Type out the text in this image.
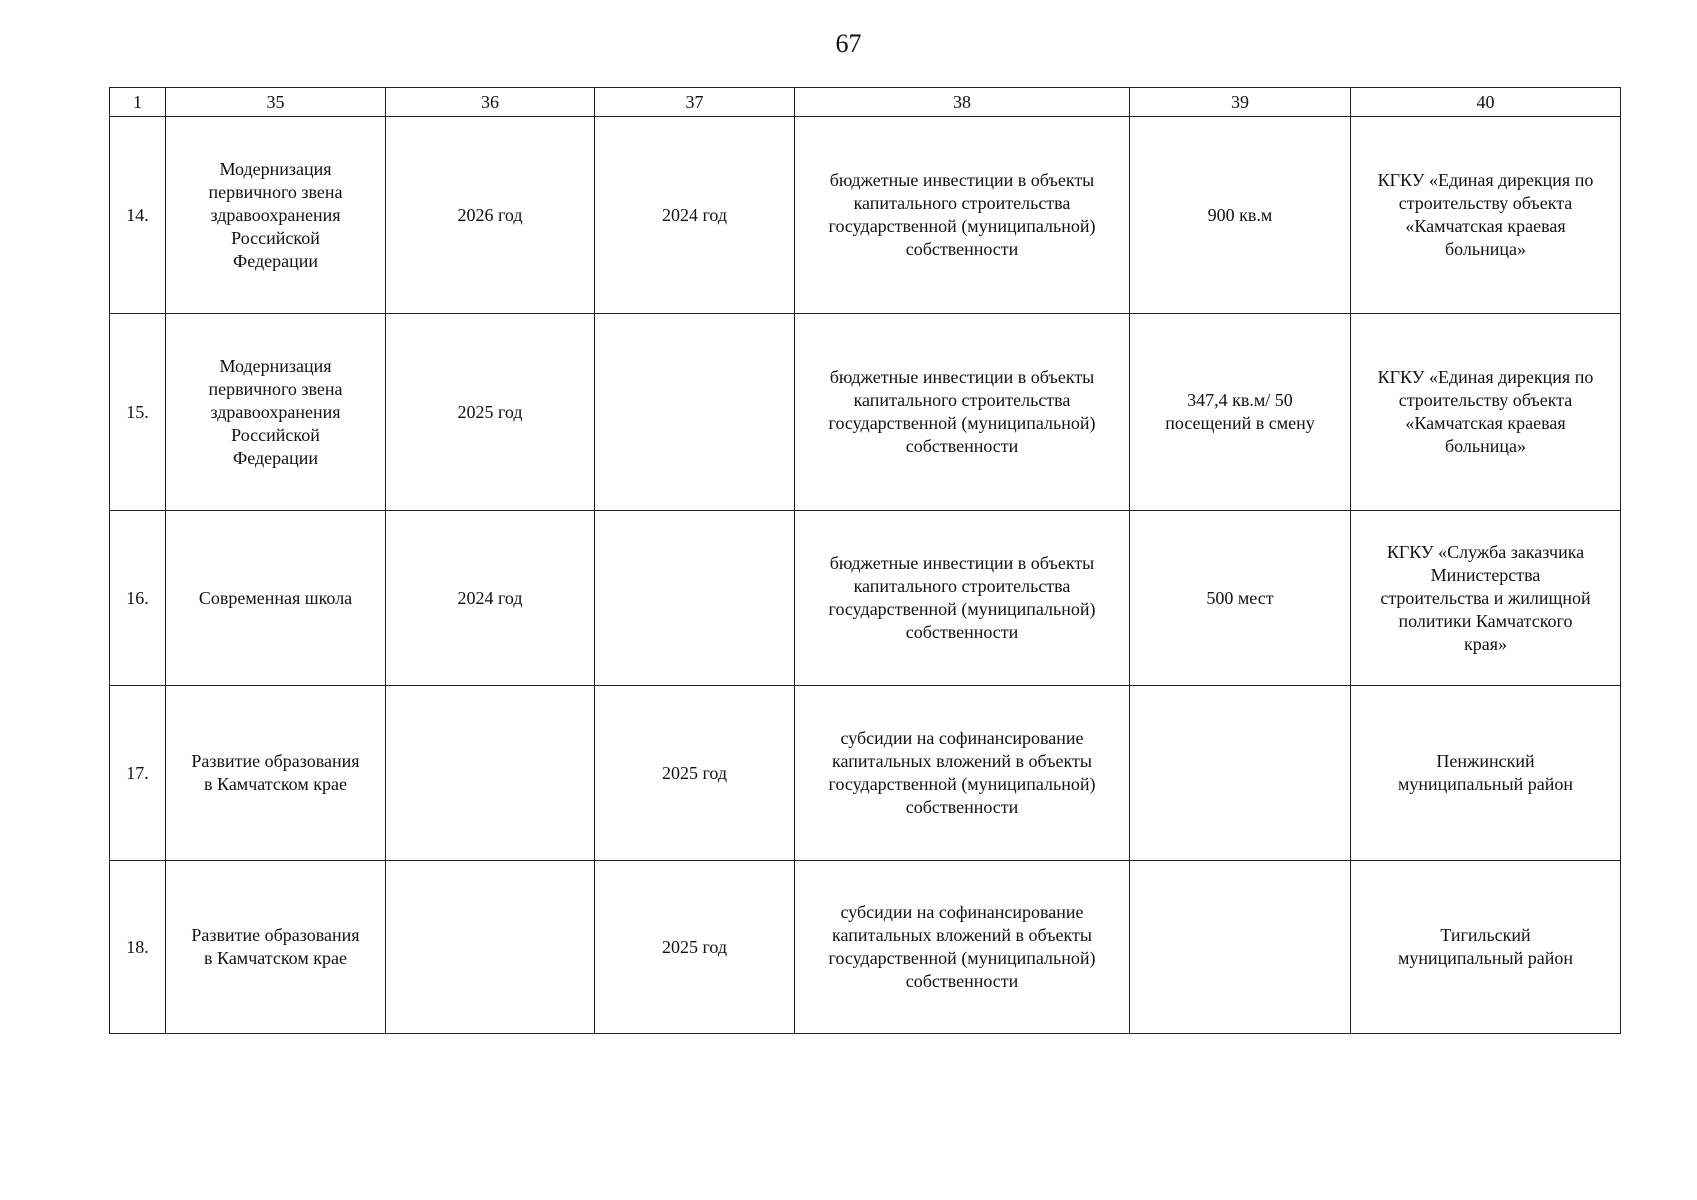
67
1	35	36	37	38	39	40
14.	Модернизация
первичного звена
здравоохранения
Российской
Федерации	2026 год	2024 год	бюджетные инвестиции в объекты
капитального строительства
государственной (муниципальной)
собственности	900 кв.м	КГКУ «Единая дирекция по
строительству объекта
«Камчатская краевая
больница»
15.	Модернизация
первичного звена
здравоохранения
Российской
Федерации	2025 год		бюджетные инвестиции в объекты
капитального строительства
государственной (муниципальной)
собственности	347,4 кв.м/ 50
посещений в смену	КГКУ «Единая дирекция по
строительству объекта
«Камчатская краевая
больница»
16.	Современная школа	2024 год		бюджетные инвестиции в объекты
капитального строительства
государственной (муниципальной)
собственности	500 мест	КГКУ «Служба заказчика
Министерства
строительства и жилищной
политики Камчатского
края»
17.	Развитие образования
в Камчатском крае		2025 год	субсидии на софинансирование
капитальных вложений в объекты
государственной (муниципальной)
собственности		Пенжинский
муниципальный район
18.	Развитие образования
в Камчатском крае		2025 год	субсидии на софинансирование
капитальных вложений в объекты
государственной (муниципальной)
собственности		Тигильский
муниципальный район
